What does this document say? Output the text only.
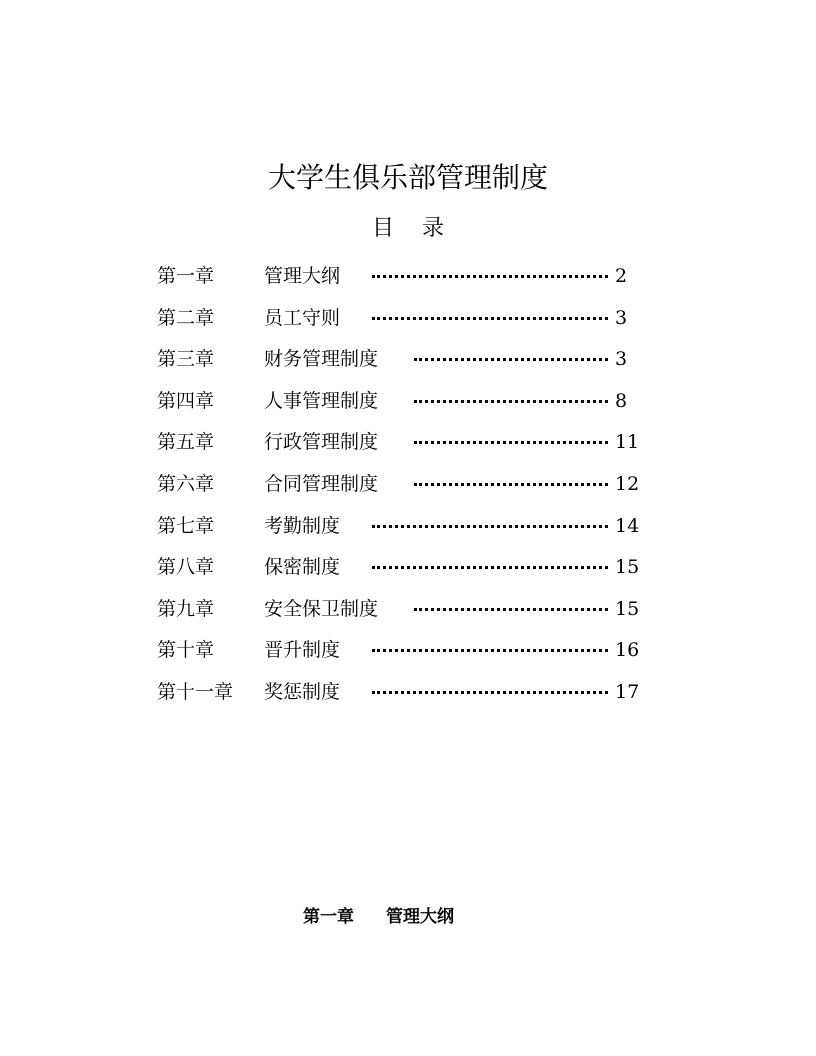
大学生俱乐部管理制度
目 录
第一章	管理大纲	2
第二章	员工守则	3
第三章	财务管理制度	3
第四章	人事管理制度	8
第五章	行政管理制度	11
第六章	合同管理制度	12
第七章	考勤制度	14
第八章	保密制度	15
第九章	安全保卫制度	15
第十章	晋升制度	16
第十一章 奖惩制度	17
第一章 管理大纲
